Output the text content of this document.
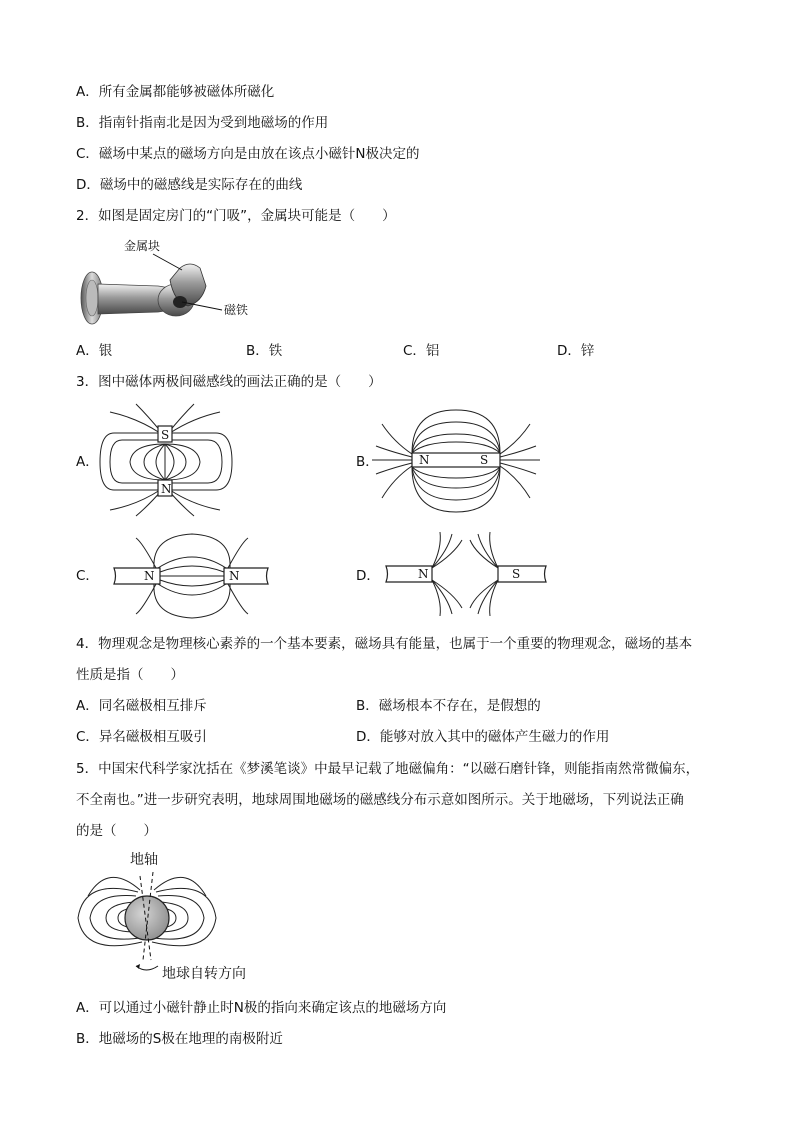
A．所有金属都能够被磁体所磁化
B．指南针指南北是因为受到地磁场的作用
C．磁场中某点的磁场方向是由放在该点小磁针N极决定的
D．磁场中的磁感线是实际存在的曲线
2．如图是固定房门的“门吸”，金属块可能是（　　）
金属块
磁铁
A．银	B．铁	C．铝	D．锌
3．图中磁体两极间磁感线的画法正确的是（　　）
A．
S
N
B．	N	S
C．	N	N	D．	N	S
4．物理观念是物理核心素养的一个基本要素，磁场具有能量，也属于一个重要的物理观念，磁场的基本
性质是指（　　）
A．同名磁极相互排斥	B．磁场根本不存在，是假想的
C．异名磁极相互吸引	D．能够对放入其中的磁体产生磁力的作用
5．中国宋代科学家沈括在《梦溪笔谈》中最早记载了地磁偏角：“以磁石磨针锋，则能指南然常微偏东，
不全南也。”进一步研究表明，地球周围地磁场的磁感线分布示意如图所示。关于地磁场，下列说法正确
的是（　　）
地轴
地球自转方向
A．可以通过小磁针静止时N极的指向来确定该点的地磁场方向
B．地磁场的S极在地理的南极附近
